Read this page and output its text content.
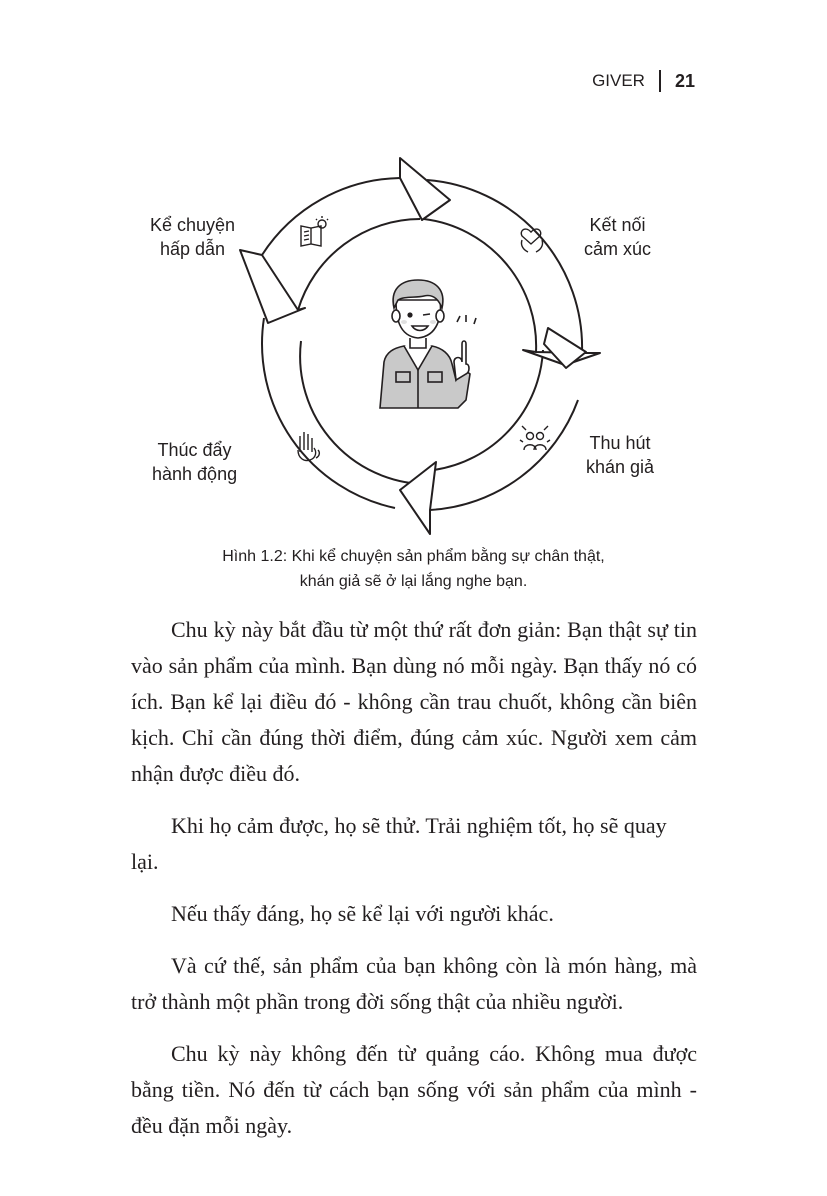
GIVER 21
Kể chuyện
hấp dẫn
Kết nối
cảm xúc
Thu hút
khán giả
Thúc đẩy
hành động
Hình 1.2: Khi kể chuyện sản phẩm bằng sự chân thật,
khán giả sẽ ở lại lắng nghe bạn.

Chu kỳ này bắt đầu từ một thứ rất đơn giản: Bạn thật sự tin vào sản phẩm của mình. Bạn dùng nó mỗi ngày. Bạn thấy nó có ích. Bạn kể lại điều đó - không cần trau chuốt, không cần biên kịch. Chỉ cần đúng thời điểm, đúng cảm xúc. Người xem cảm nhận được điều đó.

Khi họ cảm được, họ sẽ thử. Trải nghiệm tốt, họ sẽ quay lại.

Nếu thấy đáng, họ sẽ kể lại với người khác.

Và cứ thế, sản phẩm của bạn không còn là món hàng, mà trở thành một phần trong đời sống thật của nhiều người.

Chu kỳ này không đến từ quảng cáo. Không mua được bằng tiền. Nó đến từ cách bạn sống với sản phẩm của mình - đều đặn mỗi ngày.
